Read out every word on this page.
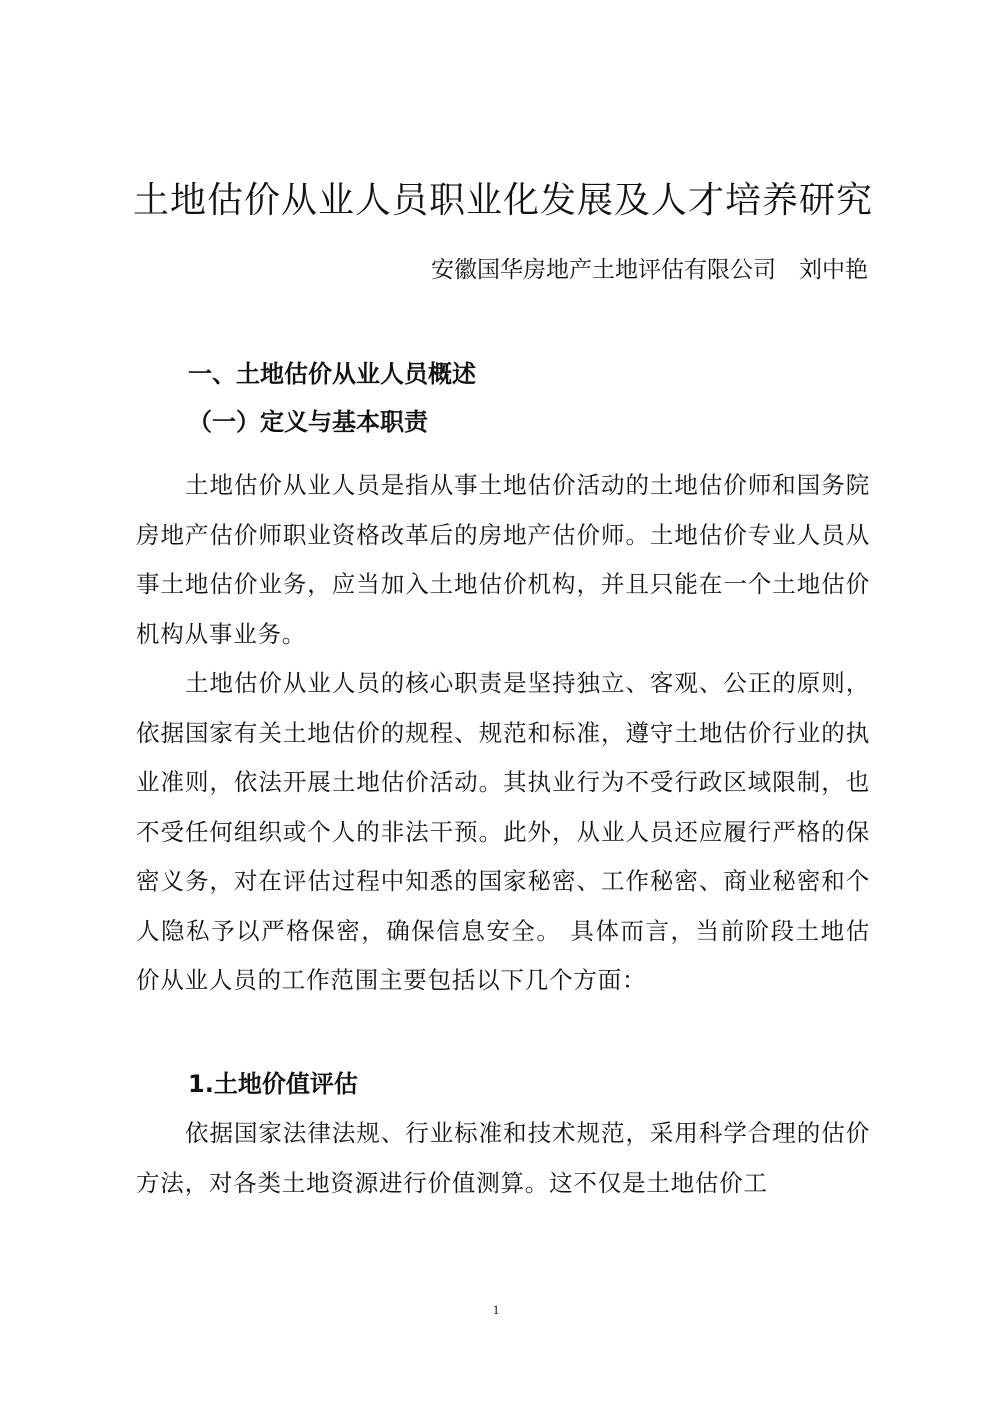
土地估价从业人员职业化发展及人才培养研究
安徽国华房地产土地评估有限公司　刘中艳
一、土地估价从业人员概述
（一）定义与基本职责

土地估价从业人员是指从事土地估价活动的土地估价师和国务院房地产估价师职业资格改革后的房地产估价师。土地估价专业人员从事土地估价业务，应当加入土地估价机构，并且只能在一个土地估价机构从事业务。

土地估价从业人员的核心职责是坚持独立、客观、公正的原则，依据国家有关土地估价的规程、规范和标准，遵守土地估价行业的执业准则，依法开展土地估价活动。其执业行为不受行政区域限制，也不受任何组织或个人的非法干预。此外，从业人员还应履行严格的保密义务，对在评估过程中知悉的国家秘密、工作秘密、商业秘密和个人隐私予以严格保密，确保信息安全。 具体而言，当前阶段土地估价从业人员的工作范围主要包括以下几个方面：

1.土地价值评估

依据国家法律法规、行业标准和技术规范，采用科学合理的估价方法，对各类土地资源进行价值测算。这不仅是土地估价工

1
